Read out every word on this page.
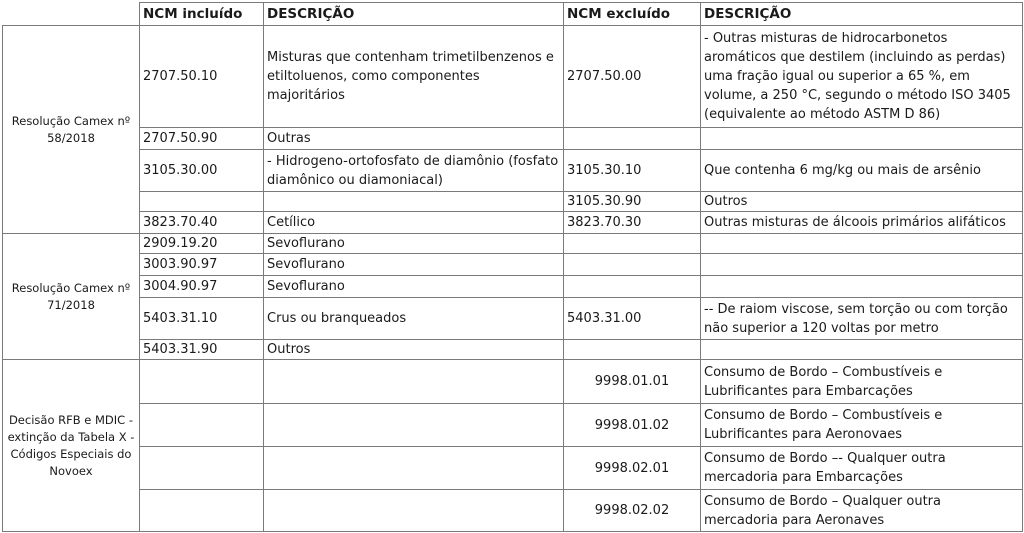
	NCM incluído	DESCRIÇÃO	NCM excluído	DESCRIÇÃO
Resolução Camex nº 58/2018	2707.50.10	Misturas que contenham trimetilbenzenos e etiltoluenos, como componentes majoritários	2707.50.00	- Outras misturas de hidrocarbonetos aromáticos que destilem (incluindo as perdas) uma fração igual ou superior a 65 %, em volume, a 250 °C, segundo o método ISO 3405 (equivalente ao método ASTM D 86)
	2707.50.90	Outras		
	3105.30.00	- Hidrogeno-ortofosfato de diamônio (fosfato diamônico ou diamoniacal)	3105.30.10	Que contenha 6 mg/kg ou mais de arsênio
			3105.30.90	Outros
	3823.70.40	Cetílico	3823.70.30	Outras misturas de álcoois primários alifáticos
Resolução Camex nº 71/2018	2909.19.20	Sevoflurano		
	3003.90.97	Sevoflurano		
	3004.90.97	Sevoflurano		
	5403.31.10	Crus ou branqueados	5403.31.00	-- De raiom viscose, sem torção ou com torção não superior a 120 voltas por metro
	5403.31.90	Outros		
Decisão RFB e MDIC - extinção da Tabela X - Códigos Especiais do Novoex			9998.01.01	Consumo de Bordo – Combustíveis e Lubrificantes para Embarcações
			9998.01.02	Consumo de Bordo – Combustíveis e Lubrificantes para Aeronovaes
			9998.02.01	Consumo de Bordo –- Qualquer outra mercadoria para Embarcações
			9998.02.02	Consumo de Bordo – Qualquer outra mercadoria para Aeronaves
